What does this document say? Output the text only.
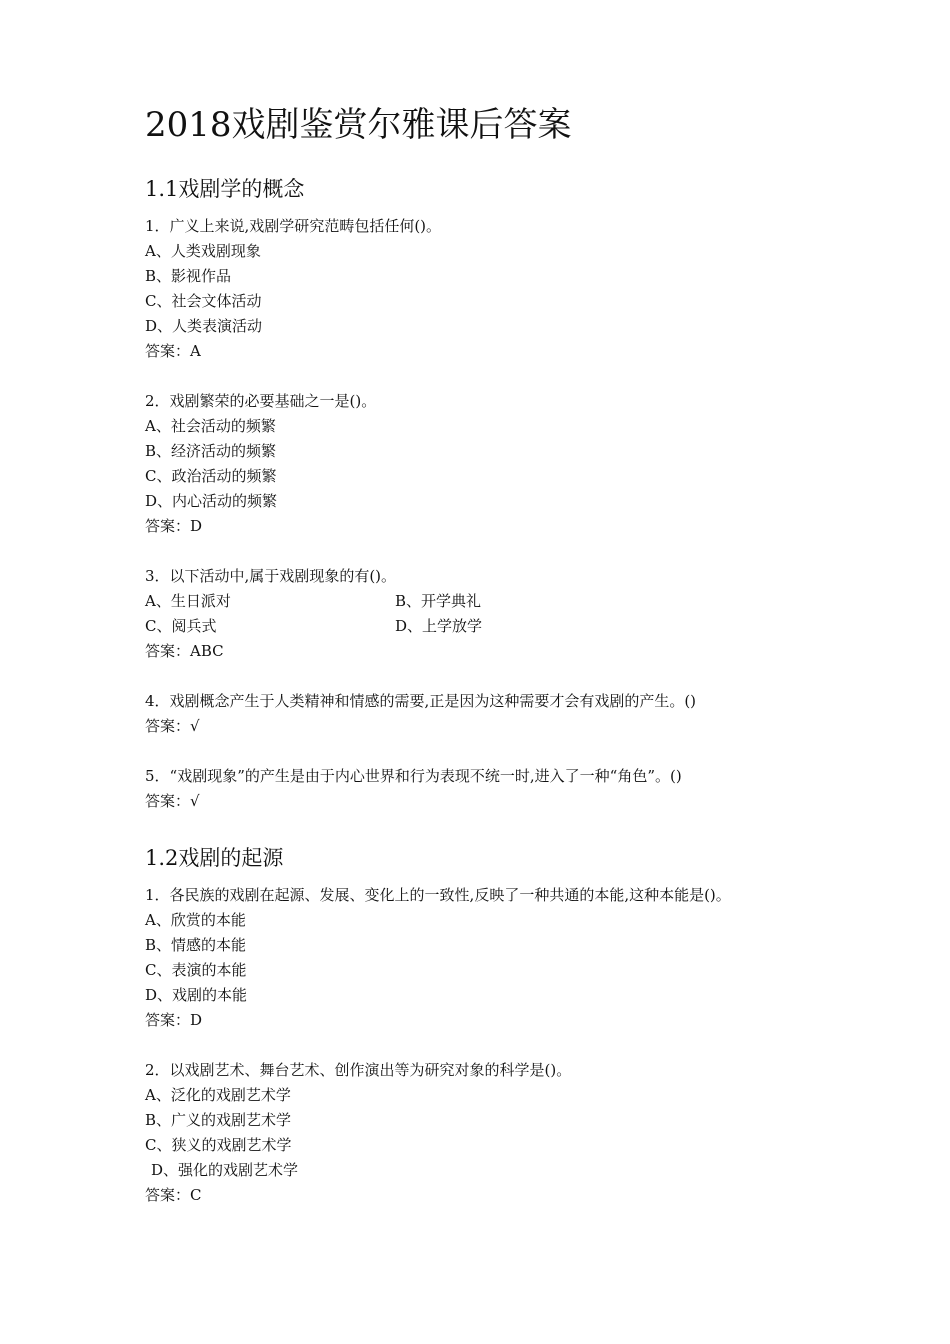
2018戏剧鉴赏尔雅课后答案
1.1戏剧学的概念
1．广义上来说,戏剧学研究范畴包括任何()。
A、人类戏剧现象
B、影视作品
C、社会文体活动
D、人类表演活动
答案：A
2．戏剧繁荣的必要基础之一是()。
A、社会活动的频繁
B、经济活动的频繁
C、政治活动的频繁
D、内心活动的频繁
答案：D
3．以下活动中,属于戏剧现象的有()。
A、生日派对	B、开学典礼
C、阅兵式	D、上学放学
答案：ABC
4．戏剧概念产生于人类精神和情感的需要,正是因为这种需要才会有戏剧的产生。()
答案：√
5．“戏剧现象”的产生是由于内心世界和行为表现不统一时,进入了一种“角色”。()
答案：√
1.2戏剧的起源
1．各民族的戏剧在起源、发展、变化上的一致性,反映了一种共通的本能,这种本能是()。
A、欣赏的本能
B、情感的本能
C、表演的本能
D、戏剧的本能
答案：D
2．以戏剧艺术、舞台艺术、创作演出等为研究对象的科学是()。
A、泛化的戏剧艺术学
B、广义的戏剧艺术学
C、狭义的戏剧艺术学
D、强化的戏剧艺术学
答案：C
